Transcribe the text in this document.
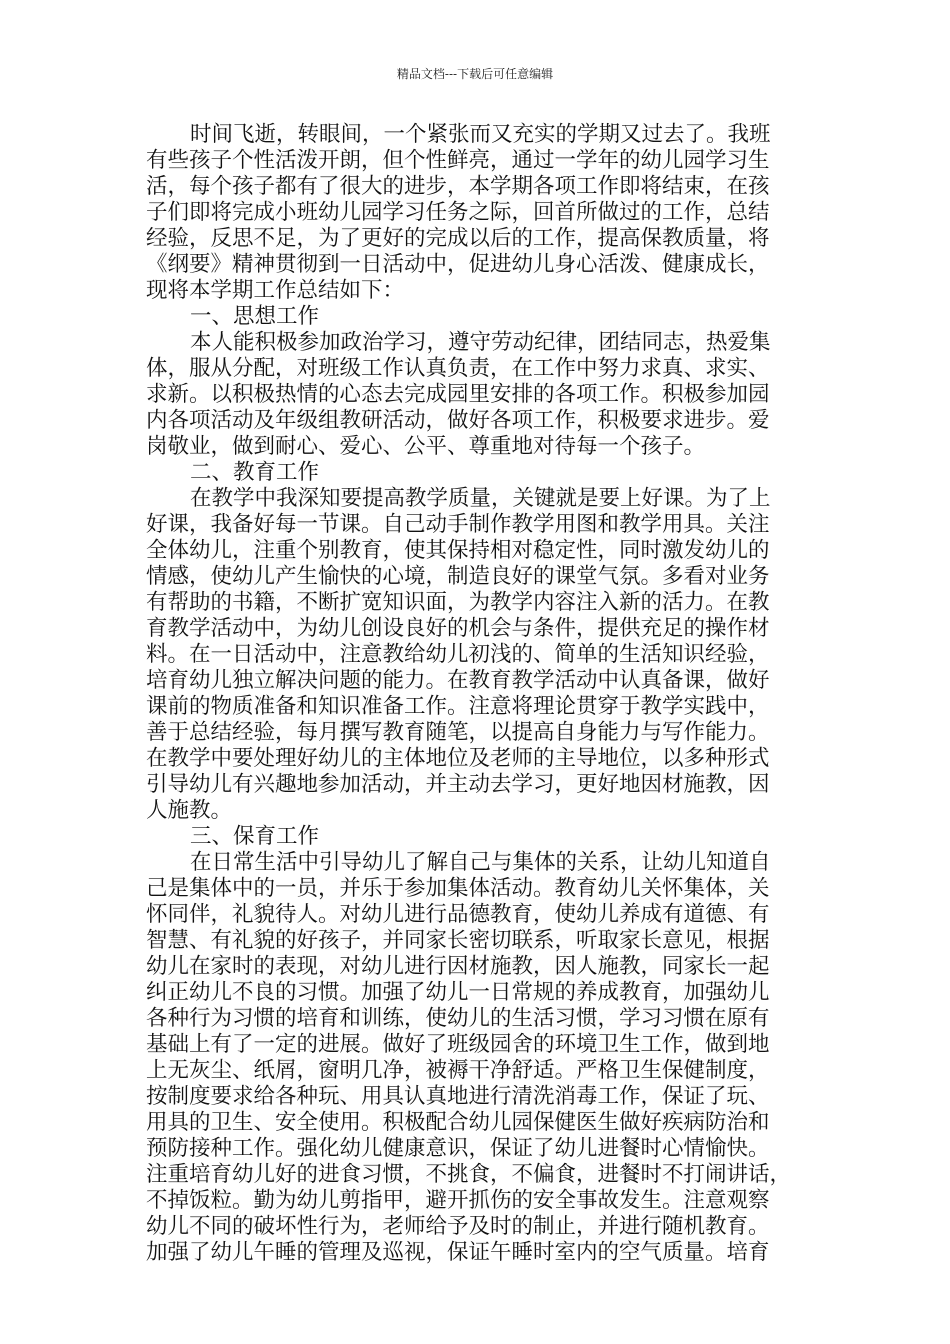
精品文档---下载后可任意编辑
时间飞逝，转眼间，一个紧张而又充实的学期又过去了。我班
有些孩子个性活泼开朗，但个性鲜亮，通过一学年的幼儿园学习生
活，每个孩子都有了很大的进步，本学期各项工作即将结束，在孩
子们即将完成小班幼儿园学习任务之际，回首所做过的工作，总结
经验，反思不足，为了更好的完成以后的工作，提高保教质量，将
《纲要》精神贯彻到一日活动中，促进幼儿身心活泼、健康成长，
现将本学期工作总结如下：
一、思想工作
本人能积极参加政治学习，遵守劳动纪律，团结同志，热爱集
体，服从分配，对班级工作认真负责，在工作中努力求真、求实、
求新。以积极热情的心态去完成园里安排的各项工作。积极参加园
内各项活动及年级组教研活动，做好各项工作，积极要求进步。爱
岗敬业，做到耐心、爱心、公平、尊重地对待每一个孩子。
二、教育工作
在教学中我深知要提高教学质量，关键就是要上好课。为了上
好课，我备好每一节课。自己动手制作教学用图和教学用具。关注
全体幼儿，注重个别教育，使其保持相对稳定性，同时激发幼儿的
情感，使幼儿产生愉快的心境，制造良好的课堂气氛。多看对业务
有帮助的书籍，不断扩宽知识面，为教学内容注入新的活力。在教
育教学活动中，为幼儿创设良好的机会与条件，提供充足的操作材
料。在一日活动中，注意教给幼儿初浅的、简单的生活知识经验，
培育幼儿独立解决问题的能力。在教育教学活动中认真备课，做好
课前的物质准备和知识准备工作。注意将理论贯穿于教学实践中，
善于总结经验，每月撰写教育随笔，以提高自身能力与写作能力。
在教学中要处理好幼儿的主体地位及老师的主导地位，以多种形式
引导幼儿有兴趣地参加活动，并主动去学习，更好地因材施教，因
人施教。
三、保育工作
在日常生活中引导幼儿了解自己与集体的关系，让幼儿知道自
己是集体中的一员，并乐于参加集体活动。教育幼儿关怀集体，关
怀同伴，礼貌待人。对幼儿进行品德教育，使幼儿养成有道德、有
智慧、有礼貌的好孩子，并同家长密切联系，听取家长意见，根据
幼儿在家时的表现，对幼儿进行因材施教，因人施教，同家长一起
纠正幼儿不良的习惯。加强了幼儿一日常规的养成教育，加强幼儿
各种行为习惯的培育和训练，使幼儿的生活习惯，学习习惯在原有
基础上有了一定的进展。做好了班级园舍的环境卫生工作，做到地
上无灰尘、纸屑，窗明几净，被褥干净舒适。严格卫生保健制度，
按制度要求给各种玩、用具认真地进行清洗消毒工作，保证了玩、
用具的卫生、安全使用。积极配合幼儿园保健医生做好疾病防治和
预防接种工作。强化幼儿健康意识，保证了幼儿进餐时心情愉快。
注重培育幼儿好的进食习惯，不挑食，不偏食，进餐时不打闹讲话，
不掉饭粒。勤为幼儿剪指甲，避开抓伤的安全事故发生。注意观察
幼儿不同的破坏性行为，老师给予及时的制止，并进行随机教育。
加强了幼儿午睡的管理及巡视，保证午睡时室内的空气质量。培育
